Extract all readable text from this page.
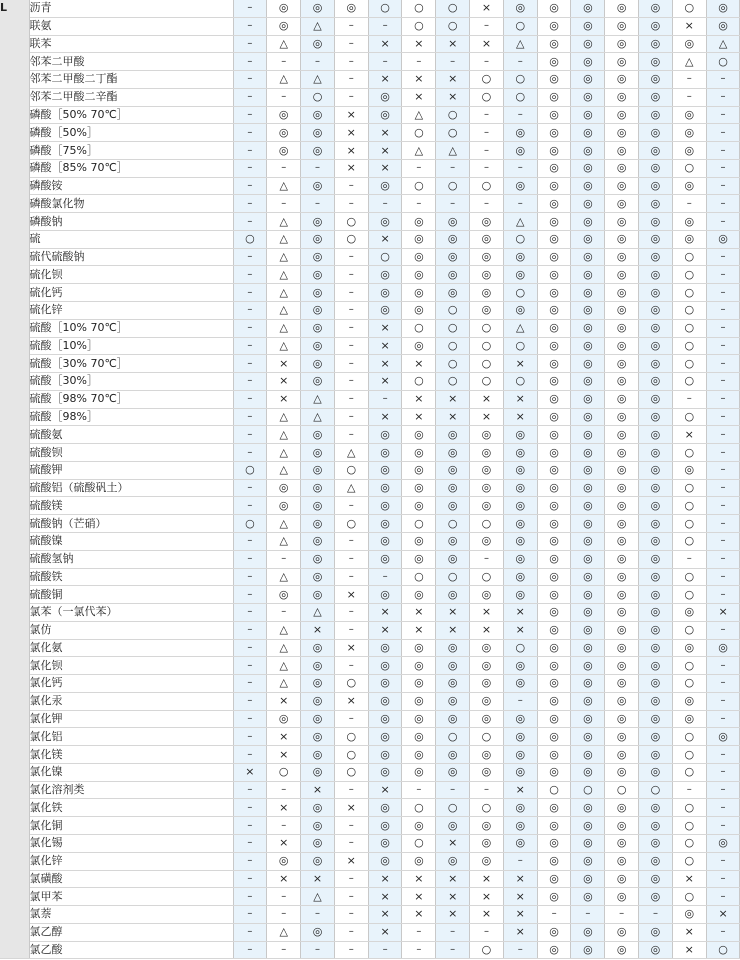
L	沥青	–	◎	◎	◎	○	○	○	×	◎	◎	◎	◎	◎	○	◎
	联氨	–	◎	△	–	–	○	○	–	○	◎	◎	◎	◎	×	◎
	联苯	–	△	◎	–	×	×	×	×	△	◎	◎	◎	◎	◎	△
	邻苯二甲酸	–	–	–	–	–	–	–	–	–	◎	◎	◎	◎	△	○
	邻苯二甲酸二丁酯	–	△	△	–	×	×	×	○	○	◎	◎	◎	◎	–	–
	邻苯二甲酸二辛酯	–	–	○	–	◎	×	×	○	○	◎	◎	◎	◎	–	–
	磷酸［50% 70℃］	–	◎	◎	×	◎	△	○	–	–	◎	◎	◎	◎	◎	–
	磷酸［50%］	–	◎	◎	×	×	○	○	–	◎	◎	◎	◎	◎	◎	–
	磷酸［75%］	–	◎	◎	×	×	△	△	–	◎	◎	◎	◎	◎	◎	–
	磷酸［85% 70℃］	–	–	–	×	×	–	–	–	–	◎	◎	◎	◎	○	–
	磷酸铵	–	△	◎	–	◎	○	○	○	◎	◎	◎	◎	◎	◎	–
	磷酸氯化物	–	–	–	–	–	–	–	–	–	◎	◎	◎	◎	–	–
	磷酸钠	–	△	◎	○	◎	◎	◎	◎	△	◎	◎	◎	◎	◎	–
	硫	○	△	◎	○	×	◎	◎	◎	○	◎	◎	◎	◎	◎	◎
	硫代硫酸钠	–	△	◎	–	○	◎	◎	◎	◎	◎	◎	◎	◎	○	–
	硫化钡	–	△	◎	–	◎	◎	◎	◎	◎	◎	◎	◎	◎	○	–
	硫化钙	–	△	◎	–	◎	◎	◎	◎	○	◎	◎	◎	◎	○	–
	硫化锌	–	△	◎	–	◎	◎	○	◎	◎	◎	◎	◎	◎	○	–
	硫酸［10% 70℃］	–	△	◎	–	×	○	○	○	△	◎	◎	◎	◎	○	–
	硫酸［10%］	–	△	◎	–	×	◎	○	○	○	◎	◎	◎	◎	○	–
	硫酸［30% 70℃］	–	×	◎	–	×	×	○	○	×	◎	◎	◎	◎	○	–
	硫酸［30%］	–	×	◎	–	×	○	○	○	○	◎	◎	◎	◎	○	–
	硫酸［98% 70℃］	–	×	△	–	–	×	×	×	×	◎	◎	◎	◎	–	–
	硫酸［98%］	–	△	△	–	×	×	×	×	×	◎	◎	◎	◎	○	–
	硫酸氨	–	△	◎	–	◎	◎	◎	◎	◎	◎	◎	◎	◎	×	–
	硫酸钡	–	△	◎	△	◎	◎	◎	◎	◎	◎	◎	◎	◎	○	–
	硫酸钾	○	△	◎	○	◎	◎	◎	◎	◎	◎	◎	◎	◎	◎	–
	硫酸铝（硫酸矾土）	–	◎	◎	△	◎	◎	◎	◎	◎	◎	◎	◎	◎	○	–
	硫酸镁	–	◎	◎	–	◎	◎	◎	◎	◎	◎	◎	◎	◎	○	–
	硫酸钠（芒硝）	○	△	◎	○	◎	○	○	○	◎	◎	◎	◎	◎	○	–
	硫酸镍	–	△	◎	–	◎	◎	◎	◎	◎	◎	◎	◎	◎	○	–
	硫酸氢钠	–	–	◎	–	◎	◎	◎	–	◎	◎	◎	◎	◎	–	–
	硫酸铁	–	△	◎	–	–	○	○	○	◎	◎	◎	◎	◎	○	–
	硫酸铜	–	◎	◎	×	◎	◎	◎	◎	◎	◎	◎	◎	◎	○	–
	氯苯（一氯代苯）	–	–	△	–	×	×	×	×	×	◎	◎	◎	◎	◎	×
	氯仿	–	△	×	–	×	×	×	×	×	◎	◎	◎	◎	○	–
	氯化氨	–	△	◎	×	◎	◎	◎	◎	○	◎	◎	◎	◎	◎	◎
	氯化钡	–	△	◎	–	◎	◎	◎	◎	◎	◎	◎	◎	◎	○	–
	氯化钙	–	△	◎	○	◎	◎	◎	◎	◎	◎	◎	◎	◎	○	–
	氯化汞	–	×	◎	×	◎	◎	◎	◎	–	◎	◎	◎	◎	◎	–
	氯化钾	–	◎	◎	–	◎	◎	◎	◎	◎	◎	◎	◎	◎	◎	–
	氯化铝	–	×	◎	○	◎	◎	○	○	◎	◎	◎	◎	◎	○	◎
	氯化镁	–	×	◎	○	◎	◎	◎	◎	◎	◎	◎	◎	◎	○	–
	氯化镍	×	○	◎	○	◎	◎	◎	◎	◎	◎	◎	◎	◎	○	–
	氯化溶剂类	–	–	×	–	×	–	–	–	×	○	○	○	○	–	–
	氯化铁	–	×	◎	×	◎	○	○	○	◎	◎	◎	◎	◎	○	–
	氯化铜	–	–	◎	–	◎	◎	◎	◎	◎	◎	◎	◎	◎	○	–
	氯化锡	–	×	◎	–	◎	○	×	◎	◎	◎	◎	◎	◎	○	◎
	氯化锌	–	◎	◎	×	◎	◎	◎	◎	–	◎	◎	◎	◎	○	–
	氯磺酸	–	×	×	–	×	×	×	×	×	◎	◎	◎	◎	×	–
	氯甲苯	–	–	△	–	×	×	×	×	×	◎	◎	◎	◎	○	–
	氯萘	–	–	–	–	×	×	×	×	×	–	–	–	–	◎	×
	氯乙醇	–	△	◎	–	×	–	–	–	×	◎	◎	◎	◎	×	–
	氯乙酸	–	–	–	–	–	–	–	○	–	◎	◎	◎	◎	×	○
